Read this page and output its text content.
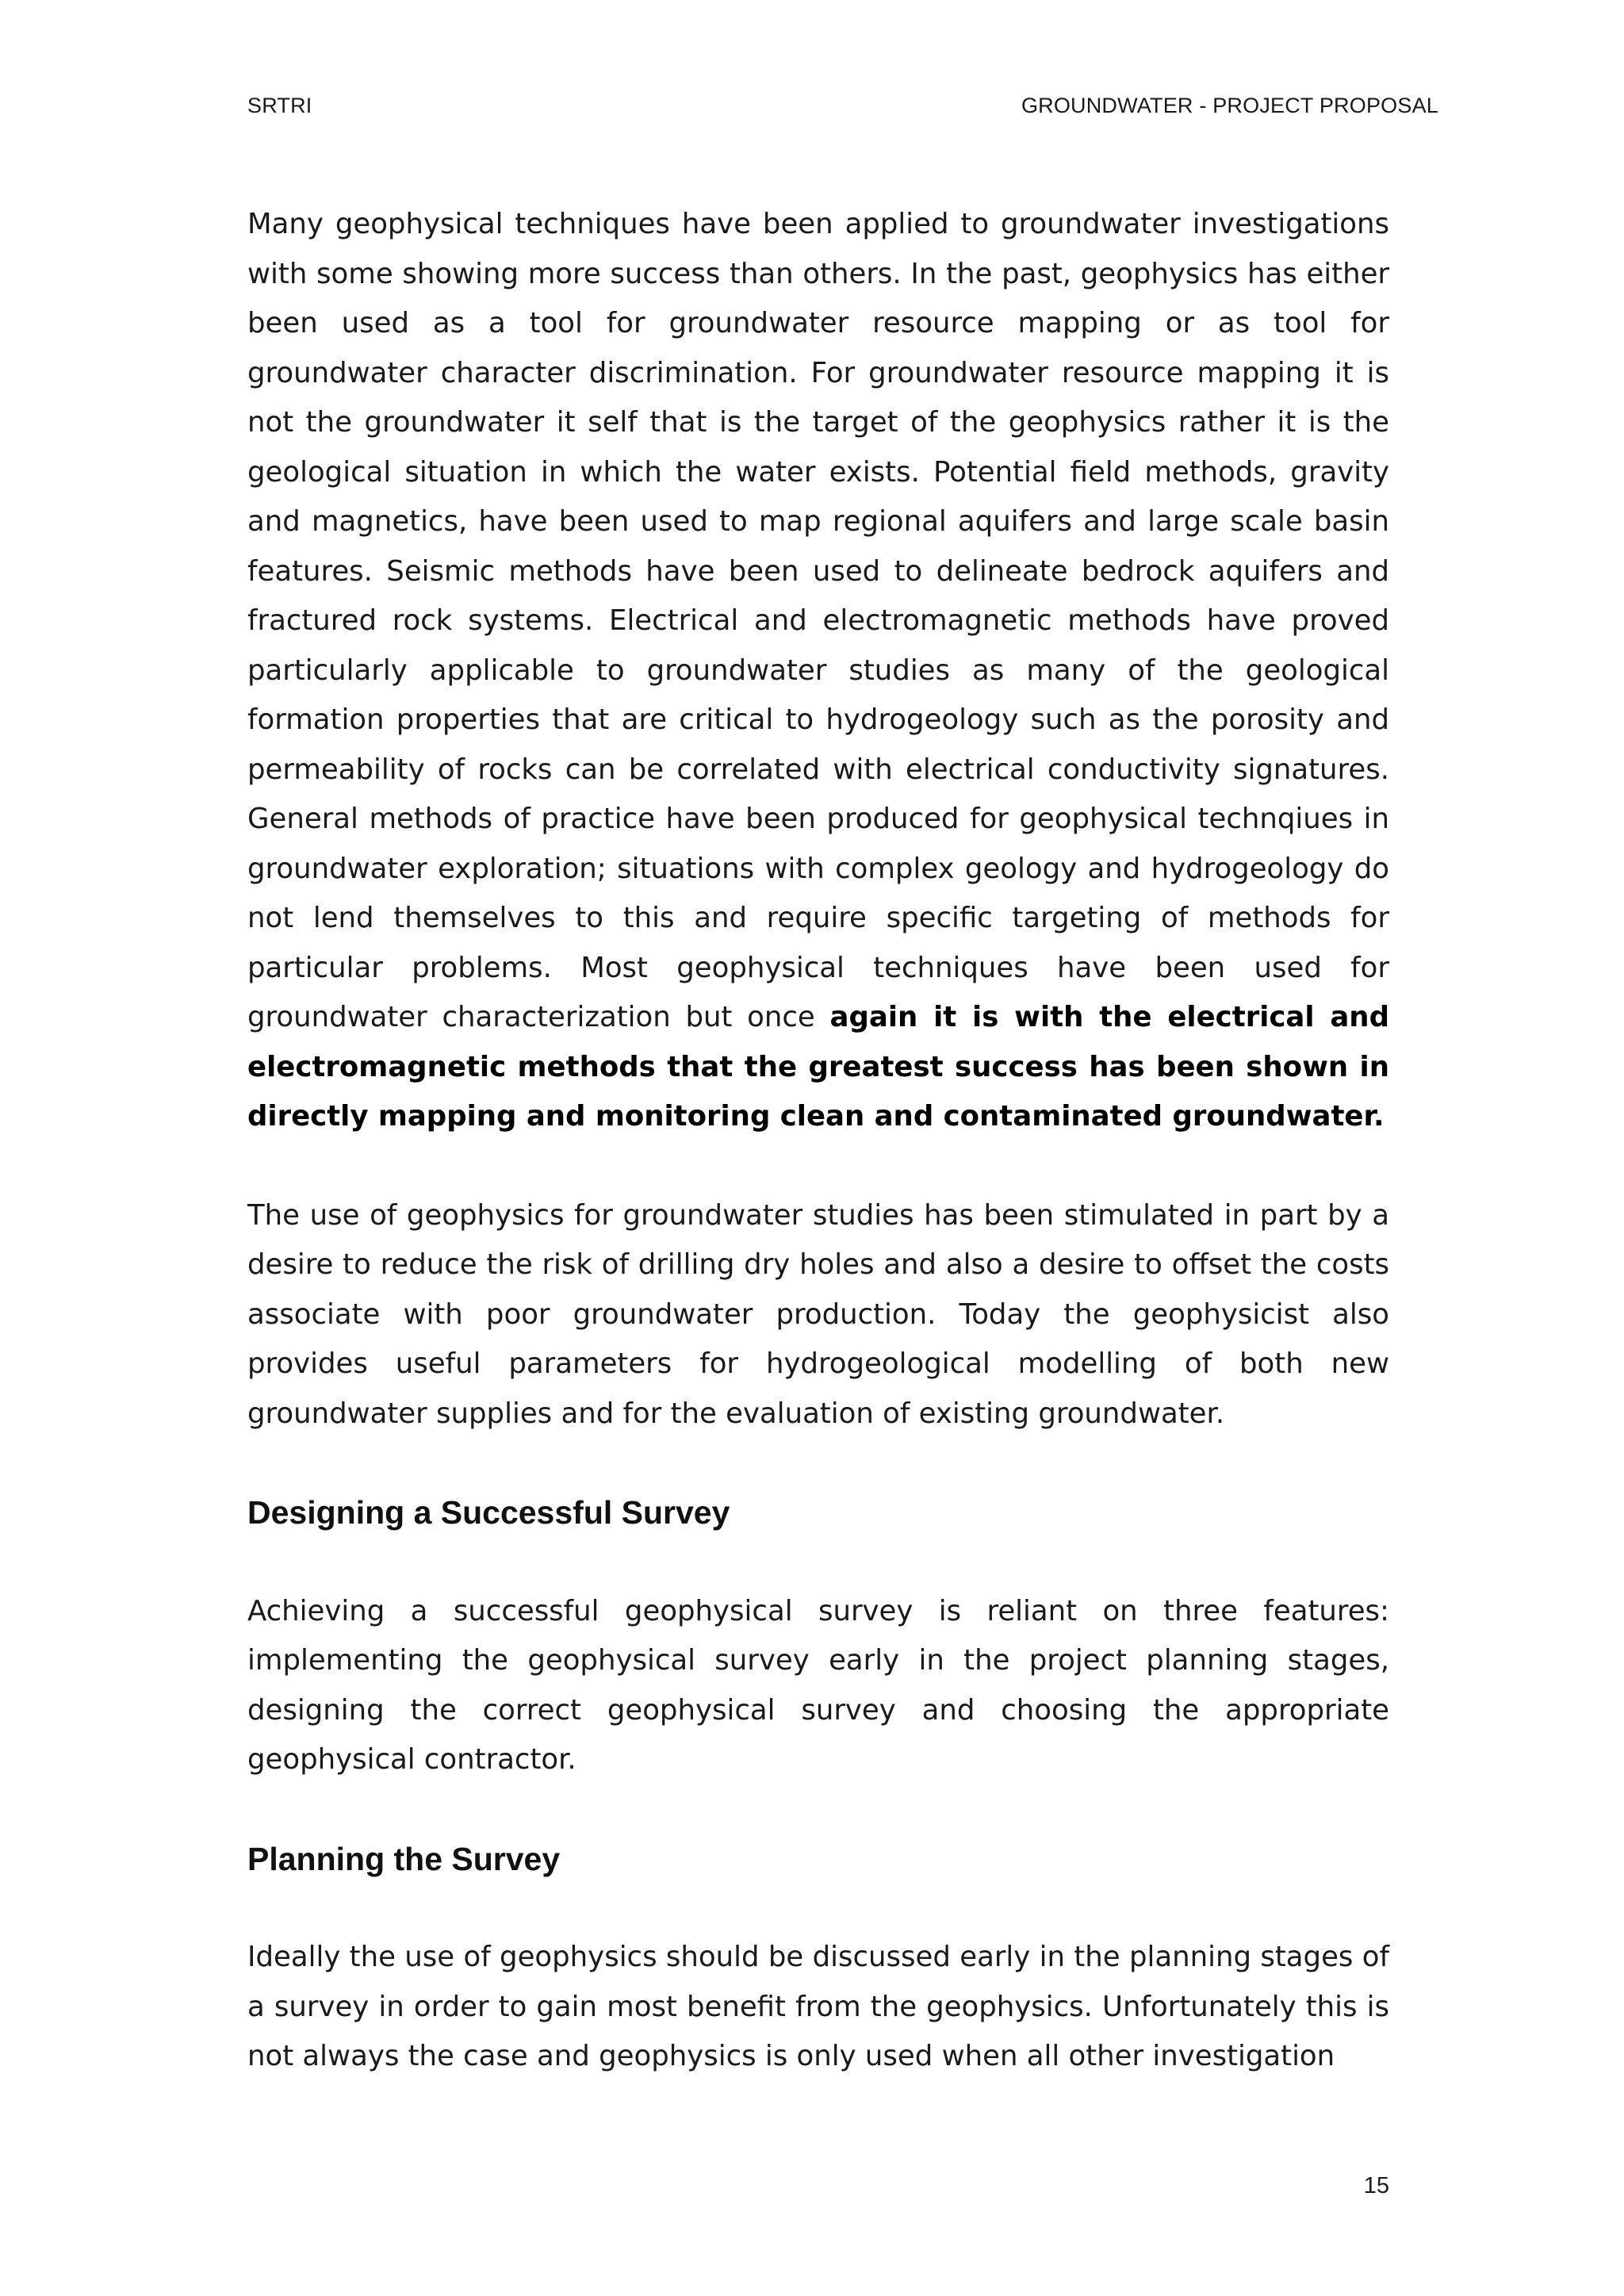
SRTRI	GROUNDWATER - PROJECT PROPOSAL

Many geophysical techniques have been applied to groundwater investigations with some showing more success than others. In the past, geophysics has either been used as a tool for groundwater resource mapping or as tool for groundwater character discrimination. For groundwater resource mapping it is not the groundwater it self that is the target of the geophysics rather it is the geological situation in which the water exists. Potential field methods, gravity and magnetics, have been used to map regional aquifers and large scale basin features. Seismic methods have been used to delineate bedrock aquifers and fractured rock systems. Electrical and electromagnetic methods have proved particularly applicable to groundwater studies as many of the geological formation properties that are critical to hydrogeology such as the porosity and permeability of rocks can be correlated with electrical conductivity signatures. General methods of practice have been produced for geophysical technqiues in groundwater exploration; situations with complex geology and hydrogeology do not lend themselves to this and require specific targeting of methods for particular problems. Most geophysical techniques have been used for groundwater characterization but once again it is with the electrical and electromagnetic methods that the greatest success has been shown in directly mapping and monitoring clean and contaminated groundwater.

The use of geophysics for groundwater studies has been stimulated in part by a desire to reduce the risk of drilling dry holes and also a desire to offset the costs associate with poor groundwater production. Today the geophysicist also provides useful parameters for hydrogeological modelling of both new groundwater supplies and for the evaluation of existing groundwater.

Designing a Successful Survey

Achieving a successful geophysical survey is reliant on three features: implementing the geophysical survey early in the project planning stages, designing the correct geophysical survey and choosing the appropriate geophysical contractor.

Planning the Survey

Ideally the use of geophysics should be discussed early in the planning stages of a survey in order to gain most benefit from the geophysics. Unfortunately this is not always the case and geophysics is only used when all other investigation

15
